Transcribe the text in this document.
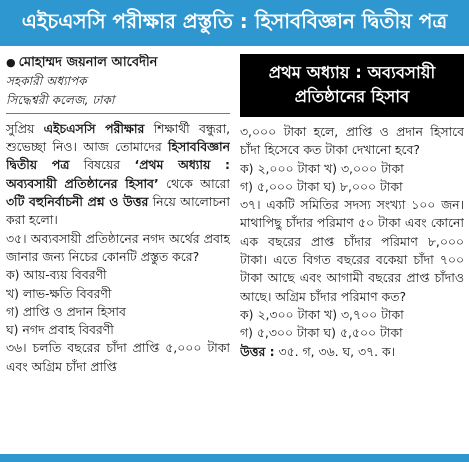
এইচএসসি পরীক্ষার প্রস্তুতি : হিসাববিজ্ঞান দ্বিতীয় পত্র
● মোহাম্মদ জয়নাল আবেদীন
সহকারী অধ্যাপক
সিদ্ধেশ্বরী কলেজ, ঢাকা

সুপ্রিয় এইচএসসি পরীক্ষার শিক্ষার্থী বন্ধুরা, শুভেচ্ছা নিও। আজ তোমাদের হিসাববিজ্ঞান দ্বিতীয় পত্র বিষয়ের ‘প্রথম অধ্যায় : অব্যবসায়ী প্রতিষ্ঠানের হিসাব’ থেকে আরো ৩টি বহুনির্বাচনী প্রশ্ন ও উত্তর নিয়ে আলোচনা করা হলো।

৩৫। অব্যবসায়ী প্রতিষ্ঠানের নগদ অর্থের প্রবাহ জানার জন্য নিচের কোনটি প্রস্তুত করে?

ক) আয়-ব্যয় বিবরণী

খ) লাভ-ক্ষতি বিবরণী

গ) প্রাপ্তি ও প্রদান হিসাব

ঘ) নগদ প্রবাহ বিবরণী

৩৬। চলতি বছরের চাঁদা প্রাপ্তি ৫,০০০ টাকা এবং অগ্রিম চাঁদা প্রাপ্তি

প্রথম অধ্যায় : অব্যবসায়ী
প্রতিষ্ঠানের হিসাব

৩,০০০ টাকা হলে, প্রাপ্তি ও প্রদান হিসাবে চাঁদা হিসেবে কত টাকা দেখানো হবে?

ক) ২,০০০ টাকা খ) ৩,০০০ টাকা

গ) ৫,০০০ টাকা ঘ) ৮,০০০ টাকা

৩৭। একটি সমিতির সদস্য সংখ্যা ১০০ জন। মাথাপিছু চাঁদার পরিমাণ ৫০ টাকা এবং কোনো এক বছরের প্রাপ্ত চাঁদার পরিমাণ ৮,০০০ টাকা। এতে বিগত বছরের বকেয়া চাঁদা ৭০০ টাকা আছে এবং আগামী বছরের প্রাপ্ত চাঁদাও আছে। অগ্রিম চাঁদার পরিমাণ কত?

ক) ২,৩০০ টাকা খ) ৩,৭০০ টাকা

গ) ৫,৩০০ টাকা ঘ) ৫,৫০০ টাকা

উত্তর : ৩৫. গ, ৩৬. ঘ, ৩৭. ক।
